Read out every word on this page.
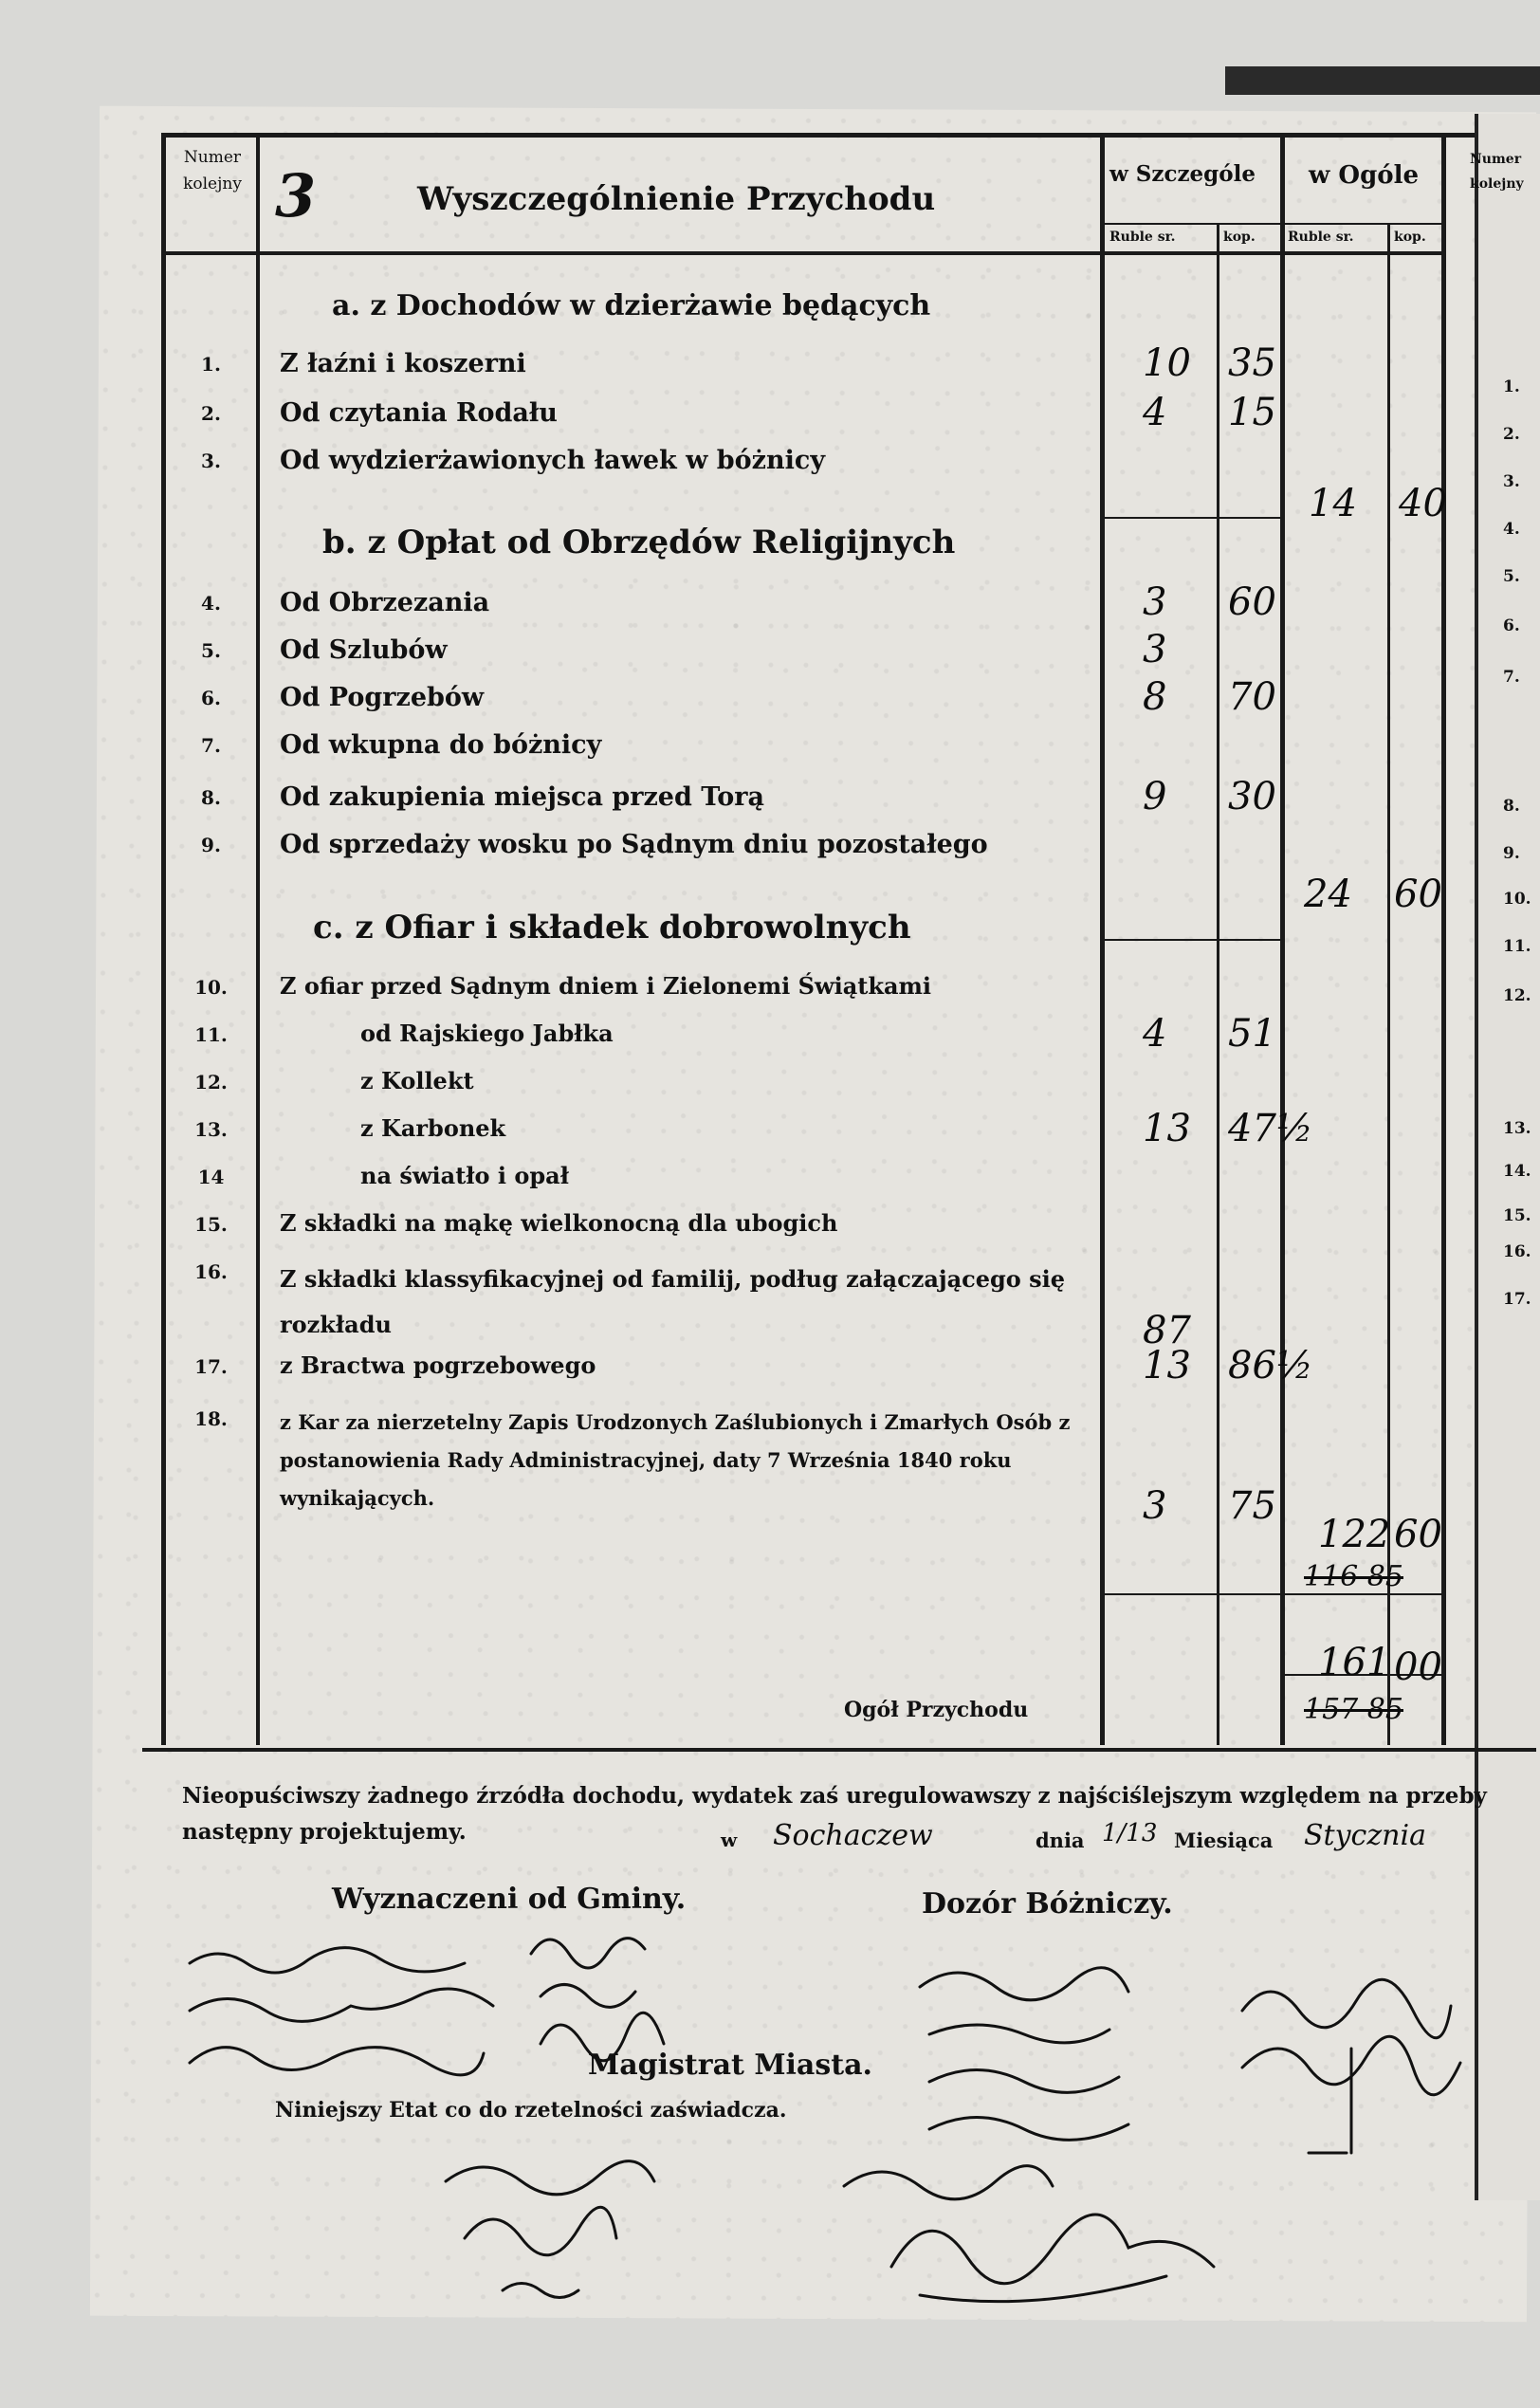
Numer kolejny 3	Wyszczególnienie Przychodu
w Szczególe w Ogóle
Ruble sr.	kop. Ruble sr.	kop.
Numer kolejny
a. z Dochodów w dzierżawie będących
1.	Z łaźni i koszerni	10 35
2.	Od czytania Rodału	4 15
3.	Od wydzierżawionych ławek w bóżnicy
4.	Od Obrzezania	3 60
5.	Od Szlubów	3
6.	Od Pogrzebów	8 70
7.	Od wkupna do bóżnicy
8.	Od zakupienia miejsca przed Torą	9 30
9.	Od sprzedaży wosku po Sądnym dniu pozostałego
10. Z ofiar przed Sądnym dniem i Zielonemi Świątkami
11.	od Rajskiego Jabłka	4 51
12.	z Kollekt
13.	z Karbonek	13 47½
14	na światło i opał
15. Z składki na mąkę wielkonocną dla ubogich
16. Z składki klassyfikacyjnej od familij, podług załączającego się rozkładu	87
17. z Bractwa pogrzebowego	13 86½
18.	z Kar za nierzetelny Zapis Urodzonych Zaślubionych i Zmarłych Osób z postanowienia Rady Administracyjnej, daty 7 Września 1840 roku wynikających.	3 75
b. z Opłat od Obrzędów Religijnych
c. z Ofiar i składek dobrowolnych
14 40
24 60
122 60
116 85
Ogół Przychodu
161 00
157 85
1.
2.
3.
4.
5.
6.
7.
8.
9.
10.
11.
12.
13.
14.
15.
16.
17.
Nieopuściwszy żadnego źrzódła dochodu, wydatek zaś uregulowawszy z najściślejszym względem na przeby
następny projektujemy.	w Sochaczew	dnia 1/13 Miesiąca Stycznia
Wyznaczeni od Gminy.	Dozór Bóżniczy.
Magistrat Miasta.
Niniejszy Etat co do rzetelności zaświadcza.
